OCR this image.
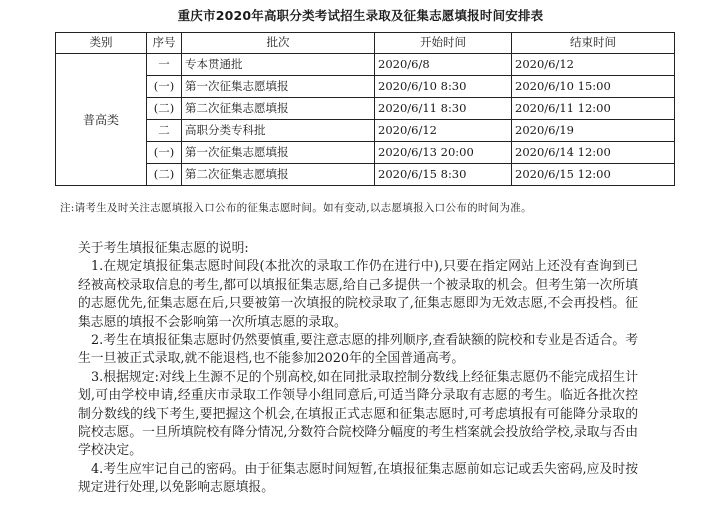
重庆市2020年高职分类考试招生录取及征集志愿填报时间安排表
类别	序号	批次	开始时间	结束时间
普高类	一	专本贯通批	2020/6/8	2020/6/12
	(一)	第一次征集志愿填报	2020/6/10 8:30	2020/6/10 15:00
	(二)	第二次征集志愿填报	2020/6/11 8:30	2020/6/11 12:00
	二	高职分类专科批	2020/6/12	2020/6/19
	(一)	第一次征集志愿填报	2020/6/13 20:00	2020/6/14 12:00
	(二)	第二次征集志愿填报	2020/6/15 8:30	2020/6/15 12:00
注:请考生及时关注志愿填报入口公布的征集志愿时间。如有变动,以志愿填报入口公布的时间为准。

关于考生填报征集志愿的说明:

1.在规定填报征集志愿时间段(本批次的录取工作仍在进行中),只要在指定网站上还没有查询到已经被高校录取信息的考生,都可以填报征集志愿,给自己多提供一个被录取的机会。但考生第一次所填的志愿优先,征集志愿在后,只要被第一次填报的院校录取了,征集志愿即为无效志愿,不会再投档。征集志愿的填报不会影响第一次所填志愿的录取。

2.考生在填报征集志愿时仍然要慎重,要注意志愿的排列顺序,查看缺额的院校和专业是否适合。考生一旦被正式录取,就不能退档,也不能参加2020年的全国普通高考。

3.根据规定:对线上生源不足的个别高校,如在同批录取控制分数线上经征集志愿仍不能完成招生计划,可由学校申请,经重庆市录取工作领导小组同意后,可适当降分录取有志愿的考生。临近各批次控制分数线的线下考生,要把握这个机会,在填报正式志愿和征集志愿时,可考虑填报有可能降分录取的院校志愿。一旦所填院校有降分情况,分数符合院校降分幅度的考生档案就会投放给学校,录取与否由学校决定。

4.考生应牢记自己的密码。由于征集志愿时间短暂,在填报征集志愿前如忘记或丢失密码,应及时按规定进行处理,以免影响志愿填报。
